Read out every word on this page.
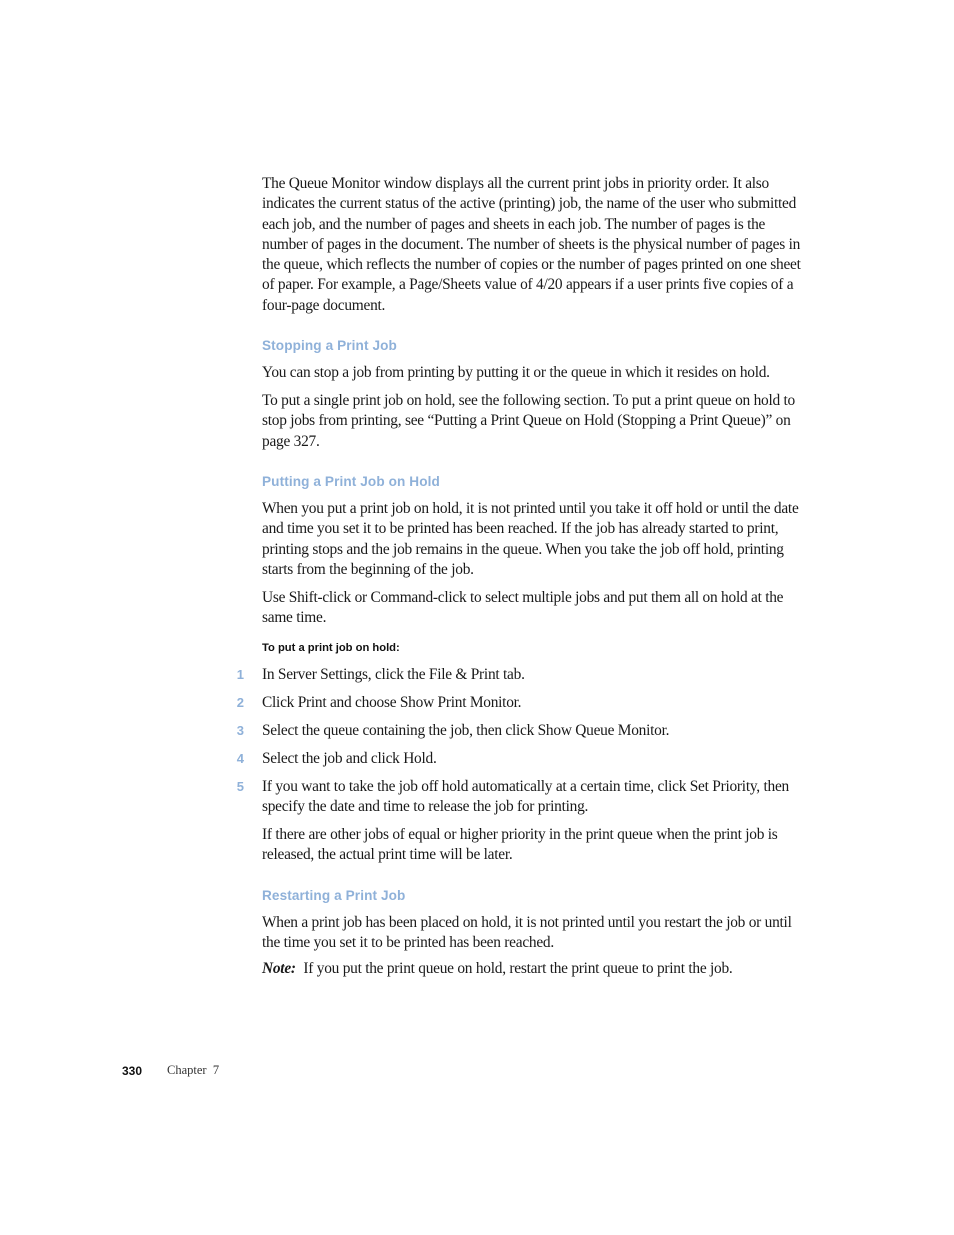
The Queue Monitor window displays all the current print jobs in priority order. It also indicates the current status of the active (printing) job, the name of the user who submitted each job, and the number of pages and sheets in each job. The number of pages is the number of pages in the document. The number of sheets is the physical number of pages in the queue, which reflects the number of copies or the number of pages printed on one sheet of paper. For example, a Page/Sheets value of 4/20 appears if a user prints five copies of a four-page document.

Stopping a Print Job

You can stop a job from printing by putting it or the queue in which it resides on hold.

To put a single print job on hold, see the following section. To put a print queue on hold to stop jobs from printing, see “Putting a Print Queue on Hold (Stopping a Print Queue)” on page 327.

Putting a Print Job on Hold

When you put a print job on hold, it is not printed until you take it off hold or until the date and time you set it to be printed has been reached. If the job has already started to print, printing stops and the job remains in the queue. When you take the job off hold, printing starts from the beginning of the job.

Use Shift-click or Command-click to select multiple jobs and put them all on hold at the same time.

To put a print job on hold:
1 In Server Settings, click the File & Print tab.

2 Click Print and choose Show Print Monitor.

3 Select the queue containing the job, then click Show Queue Monitor.

4 Select the job and click Hold.

5 If you want to take the job off hold automatically at a certain time, click Set Priority, then specify the date and time to release the job for printing.

If there are other jobs of equal or higher priority in the print queue when the print job is released, the actual print time will be later.

Restarting a Print Job

When a print job has been placed on hold, it is not printed until you restart the job or until the time you set it to be printed has been reached.

Note: If you put the print queue on hold, restart the print queue to print the job.

330 Chapter  7
